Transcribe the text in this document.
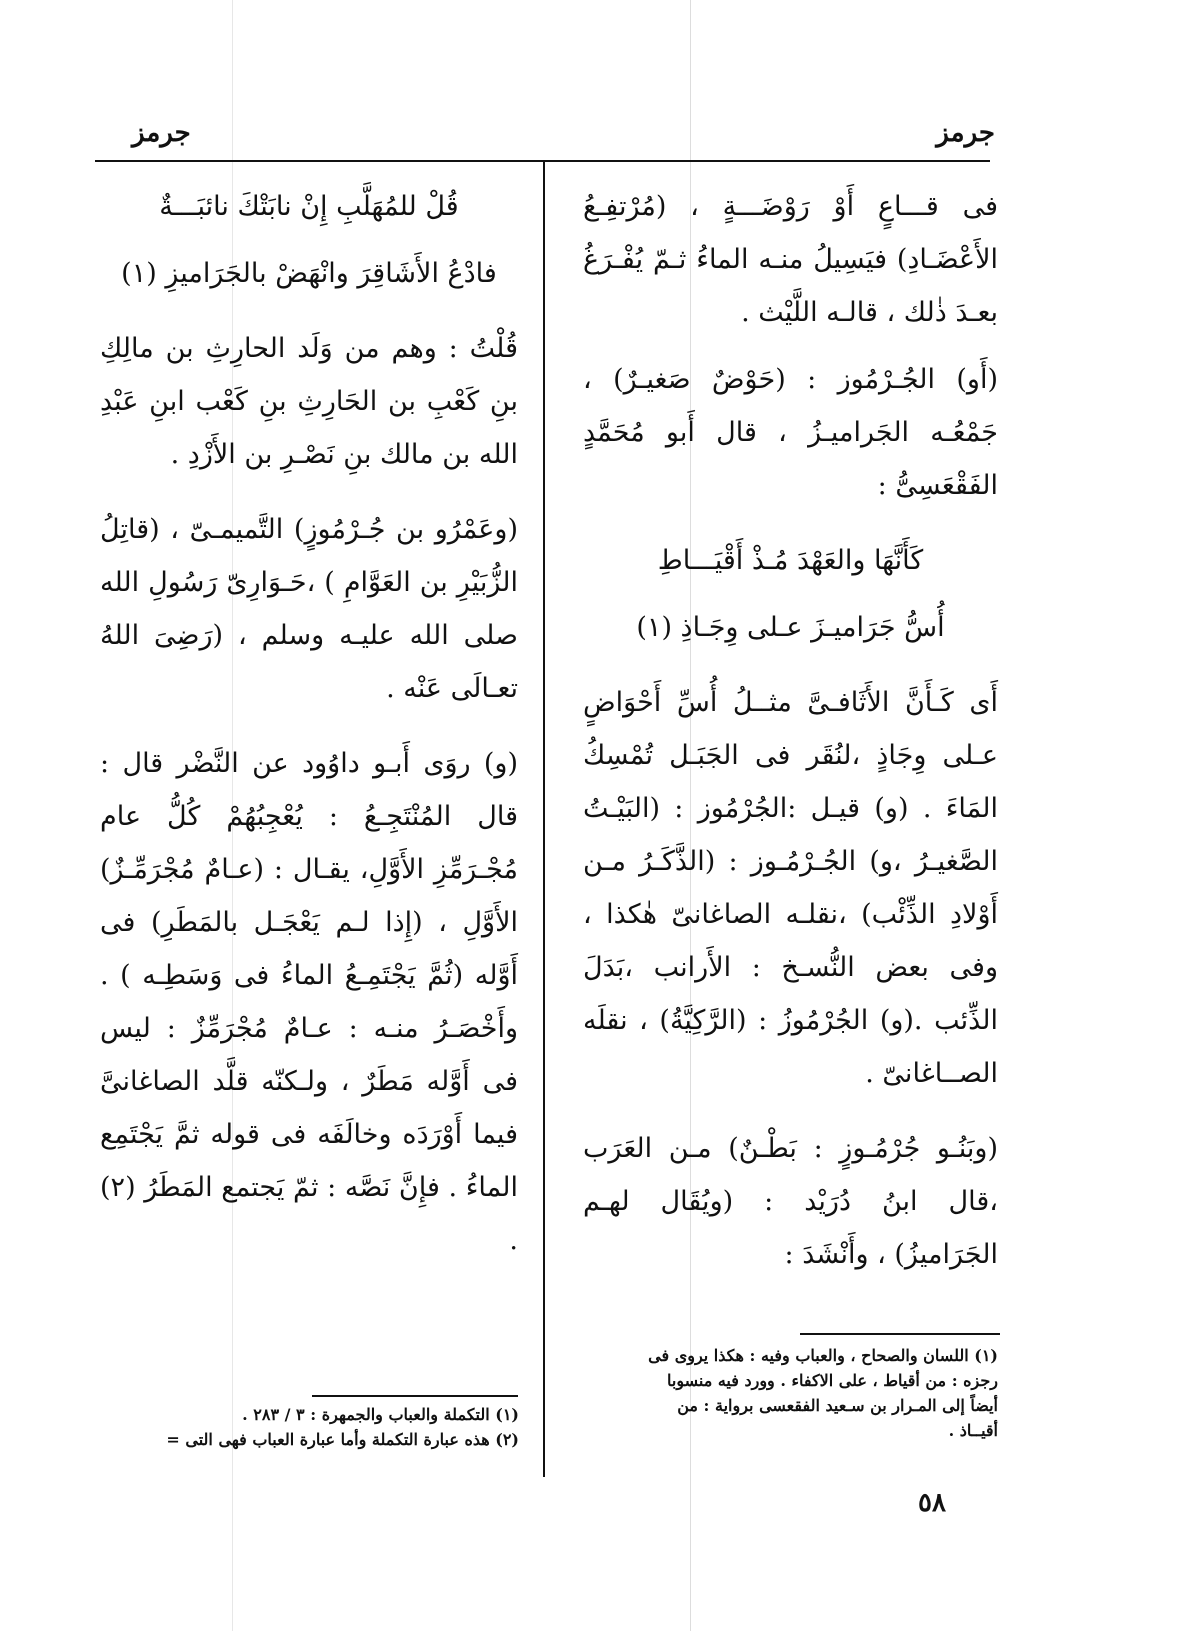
جرمز
جرمز

فى قـــاعٍ أَوْ رَوْضَـــةٍ ، (مُرْتفِـعُ الأَعْضَـادِ) فيَسِيلُ منـه الماءُ ثـمّ يُفْـرَغُ بعـدَ ذٰلك ، قالـه اللَّيْث .

(أَو) الجُـرْمُوز : (حَوْضٌ صَغيـرٌ) ، جَمْعُـه الجَراميـزُ ، قال أَبو مُحَمَّدٍ الفَقْعَسِىُّ :

كَأَنَّهَا والعَهْدَ مُـذْ أَقْيَـــاطِ

أُسُّ جَرَاميـزَ عـلى وِجَـاذِ (١)

أَى كَـأَنَّ الأَثَافـىَّ مثــلُ أُسِّ أَحْوَاضٍ عـلى وِجَاذٍ ،لنُقَر فى الجَبَـل تُمْسِكُ المَاءَ . (و) قيـل :الجُرْمُوز : (البَيْـتُ الصَّغيـرُ ،و) الجُـرْمُـوز : (الذَّكَـرُ مـن أَوْلادِ الذِّئْب) ،نقلـه الصاغانىّ هٰكذا ، وفى بعض النُّسـخ : الأَرانب ،بَدَلَ الذِّئب .(و) الجُرْمُوزُ : (الرَّكِيَّةُ) ، نقلَه الصــاغانىّ .

(وبَنُـو جُرْمُـوزٍ : بَطْـنٌ) مـن العَرَب ،قال ابنُ دُرَيْد : (ويُقَال لهـم الجَرَاميزُ) ، وأَنْشَدَ :

قُلْ للمُهَلَّبِ إِنْ نابَتْكَ نائبَـــةٌ

فادْعُ الأَشَاقِرَ وانْهَضْ بالجَرَاميزِ (١)

قُلْتُ : وهم من وَلَد الحارِثِ بن مالِكِ بنِ كَعْبِ بن الحَارِثِ بنِ كَعْب ابنِ عَبْدِ الله بن مالك بنِ نَصْـرِ بن الأَزْدِ .

(وعَمْرُو بن جُـرْمُوزٍ) التَّميمـىّ ، (قاتِلُ الزُّبَيْرِ بن العَوَّامِ ) ،حَـوَارِىّ رَسُولِ الله صلى الله عليـه وسلم ، (رَضِىَ اللهُ تعـالَى عَنْه .

(و) روَى أَبـو داوُود عن النَّضْر قال : قال المُنْتَجِـعُ : يُعْجِبُهُمْ كُلُّ عام مُجْـرَمِّزِ الأَوَّلِ، يقـال : (عـامٌ مُجْرَمِّـزٌ) الأَوَّلِ ، (إِذا لـم يَعْجَـل بالمَطَرِ) فى أَوَّله (ثُمَّ يَجْتَمِـعُ الماءُ فى وَسَطِـه ) . وأَخْصَـرُ منـه : عـامٌ مُجْرَمِّزٌ : ليس فى أَوَّله مَطَرٌ ، ولـكنّه قلَّد الصاغانىَّ فيما أَوْرَدَه وخالَفَه فى قوله ثمَّ يَجْتَمِع الماءُ . فإِنَّ نَصَّه : ثمّ يَجتمع المَطَرُ (٢) .

(١) اللسان والصحاح ، والعباب وفيه : هكذا يروى فى
رجزه : من أقياط ، على الاكفاء . وورد فيه منسوبا
أيضاً إلى المـرار بن سـعيد الفقعسى برواية : من
أقيــاذ .
(١) التكملة والعباب والجمهرة : ٣ / ٢٨٣ .
(٢) هذه عبارة التكملة وأما عبارة العباب فهى التى =
٥٨
